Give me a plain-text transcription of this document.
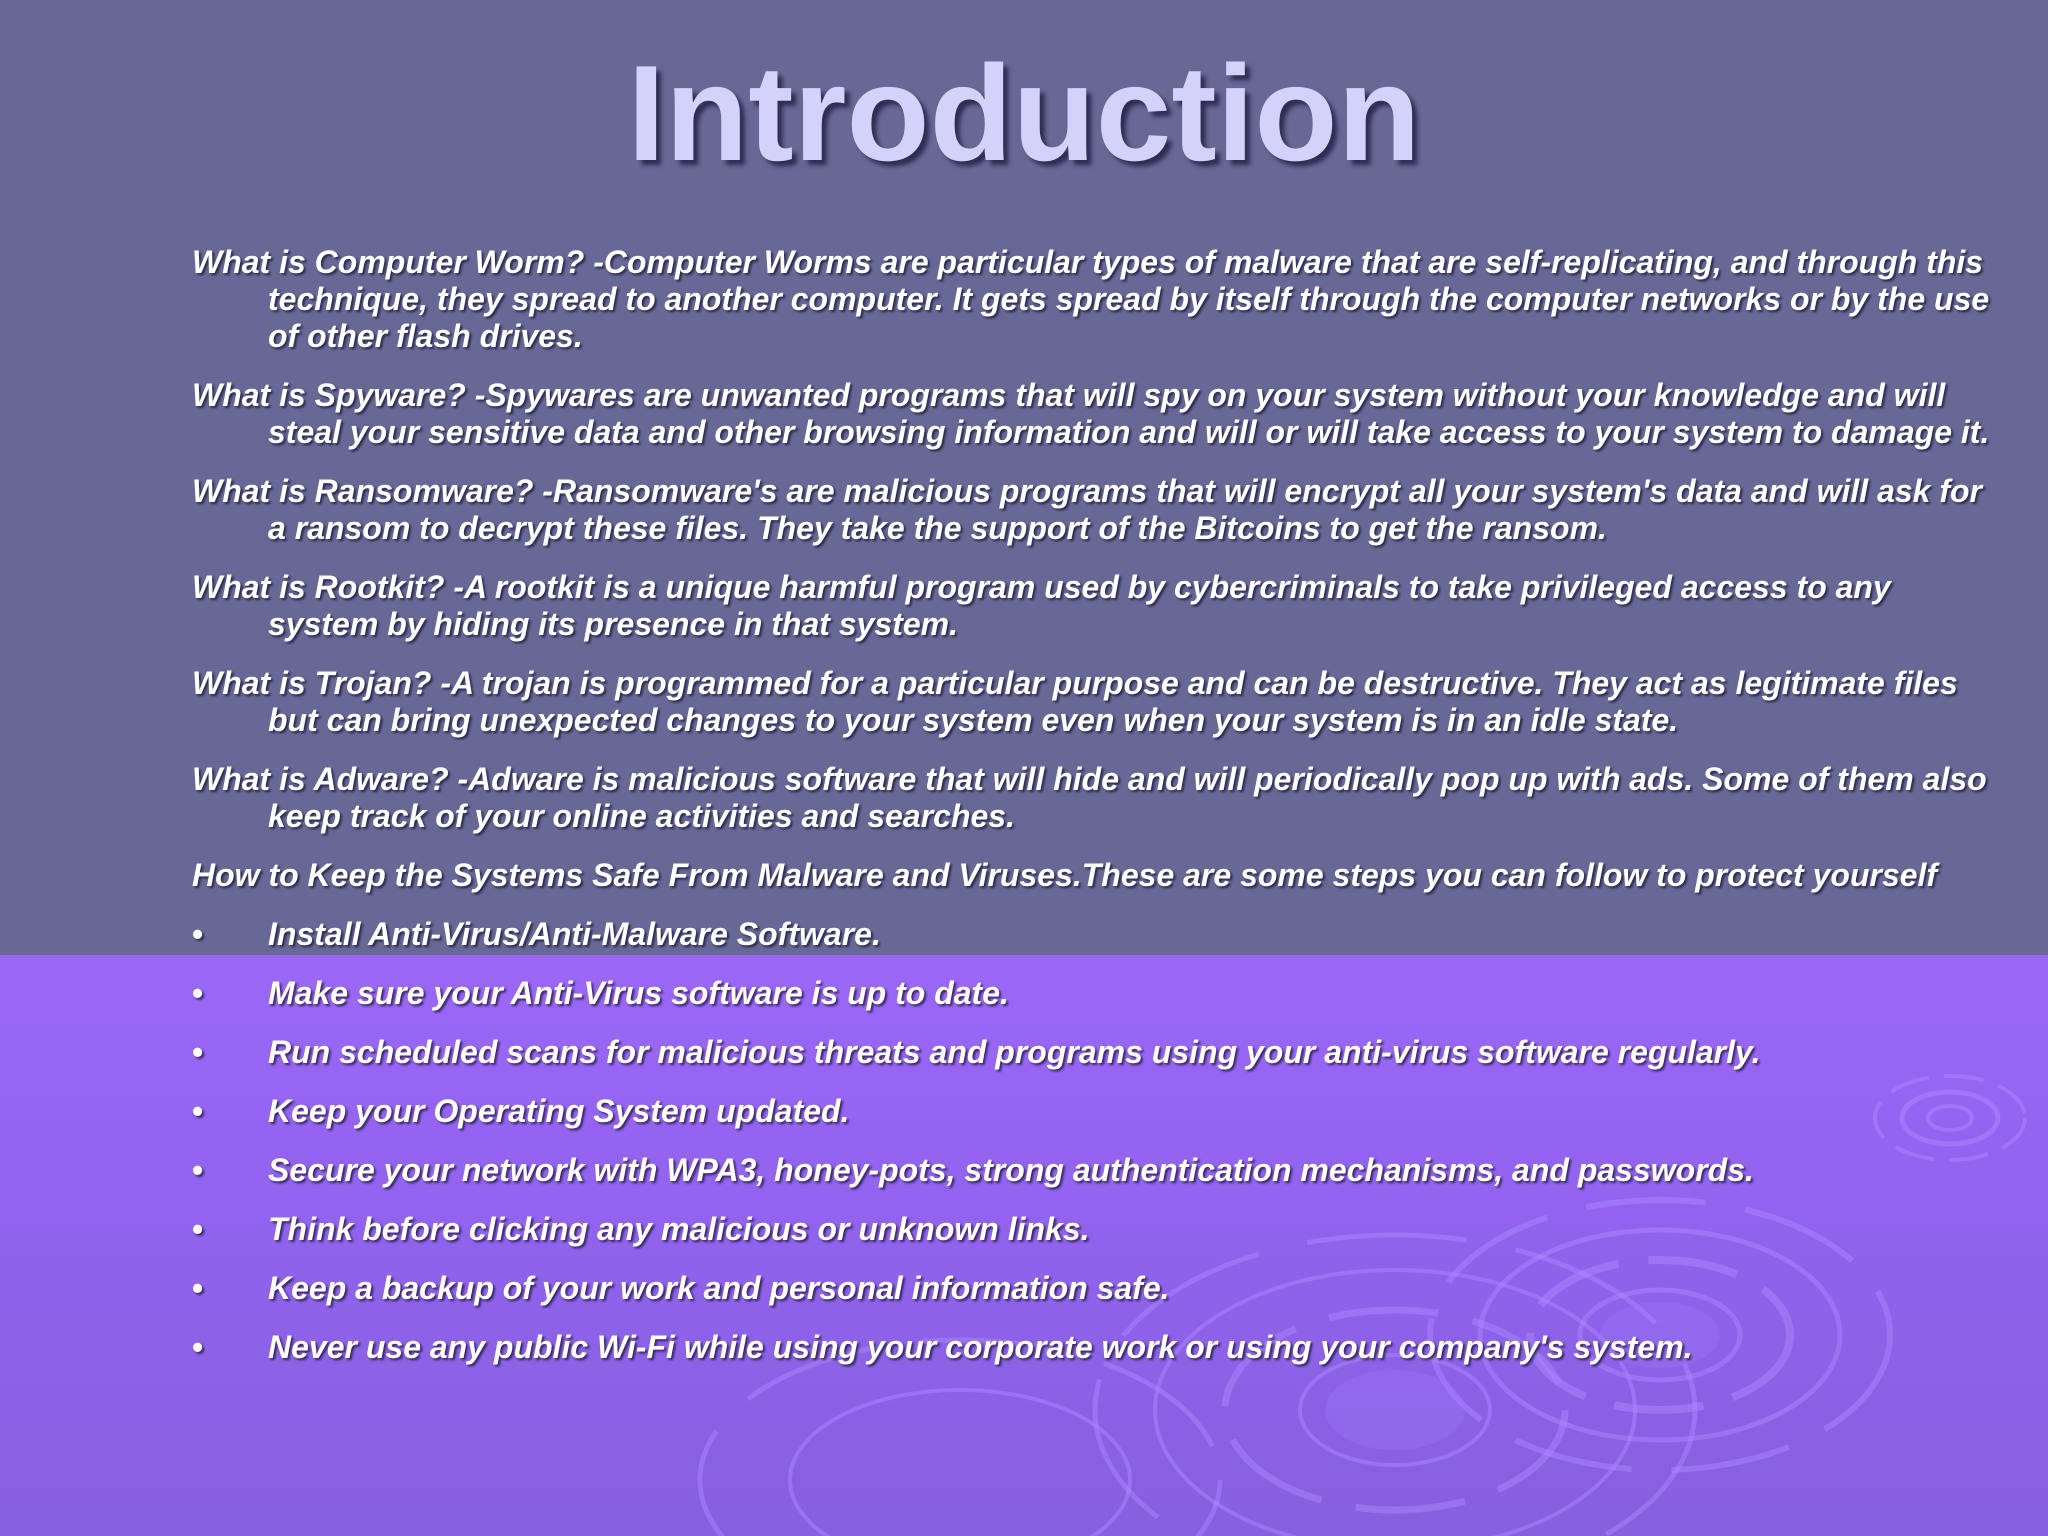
Introduction

What is Computer Worm? -Computer Worms are particular types of malware that are self-replicating, and through this technique, they spread to another computer. It gets spread by itself through the computer networks or by the use of other flash drives.

What is Spyware? -Spywares are unwanted programs that will spy on your system without your knowledge and will steal your sensitive data and other browsing information and will or will take access to your system to damage it.

What is Ransomware? -Ransomware's are malicious programs that will encrypt all your system's data and will ask for a ransom to decrypt these files. They take the support of the Bitcoins to get the ransom.

What is Rootkit? -A rootkit is a unique harmful program used by cybercriminals to take privileged access to any system by hiding its presence in that system.

What is Trojan? -A trojan is programmed for a particular purpose and can be destructive. They act as legitimate files but can bring unexpected changes to your system even when your system is in an idle state.

What is Adware? -Adware is malicious software that will hide and will periodically pop up with ads. Some of them also keep track of your online activities and searches.

How to Keep the Systems Safe From Malware and Viruses.These are some steps you can follow to protect yourself

• Install Anti-Virus/Anti-Malware Software.
• Make sure your Anti-Virus software is up to date.
• Run scheduled scans for malicious threats and programs using your anti-virus software regularly.
• Keep your Operating System updated.
• Secure your network with WPA3, honey-pots, strong authentication mechanisms, and passwords.
• Think before clicking any malicious or unknown links.
• Keep a backup of your work and personal information safe.
• Never use any public Wi-Fi while using your corporate work or using your company's system.
